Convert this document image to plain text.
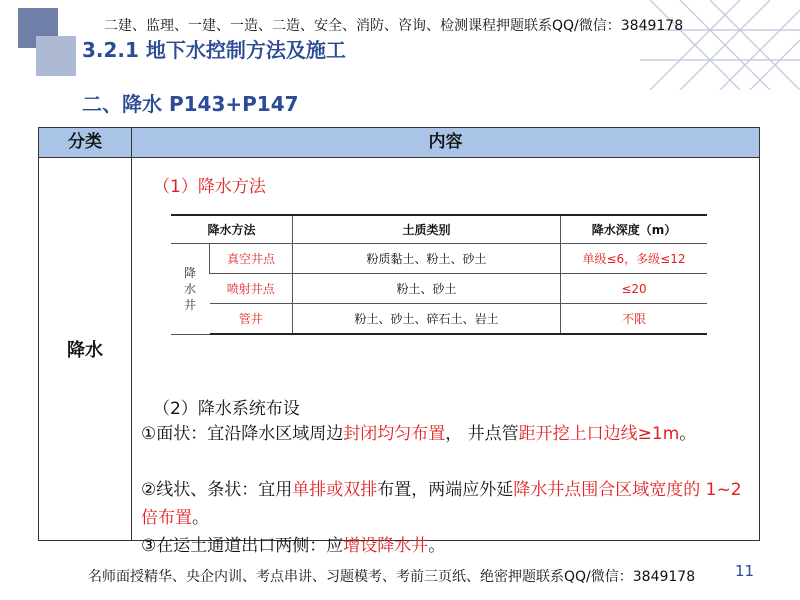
二建、监理、一建、一造、二造、安全、消防、咨询、检测课程押题联系QQ/微信：3849178
3.2.1 地下水控制方法及施工
二、降水 P143+P147
分类	内容
降水
（1）降水方法
降水方法		土质类别	降水深度（m）
降
水
井	真空井点	粉质黏土、粉土、砂土	单级≤6，多级≤12
	喷射井点	粉土、砂土	≤20
	管井	粉土、砂土、碎石土、岩土	不限
（2）降水系统布设
①面状：宜沿降水区域周边封闭均匀布置， 井点管距开挖上口边线≥1m。
②线状、条状：宜用单排或双排布置，两端应外延降水井点围合区域宽度的 1~2 倍布置。
③在运土通道出口两侧：应增设降水井。
名师面授精华、央企内训、考点串讲、习题模考、考前三页纸、绝密押题联系QQ/微信：3849178	11
